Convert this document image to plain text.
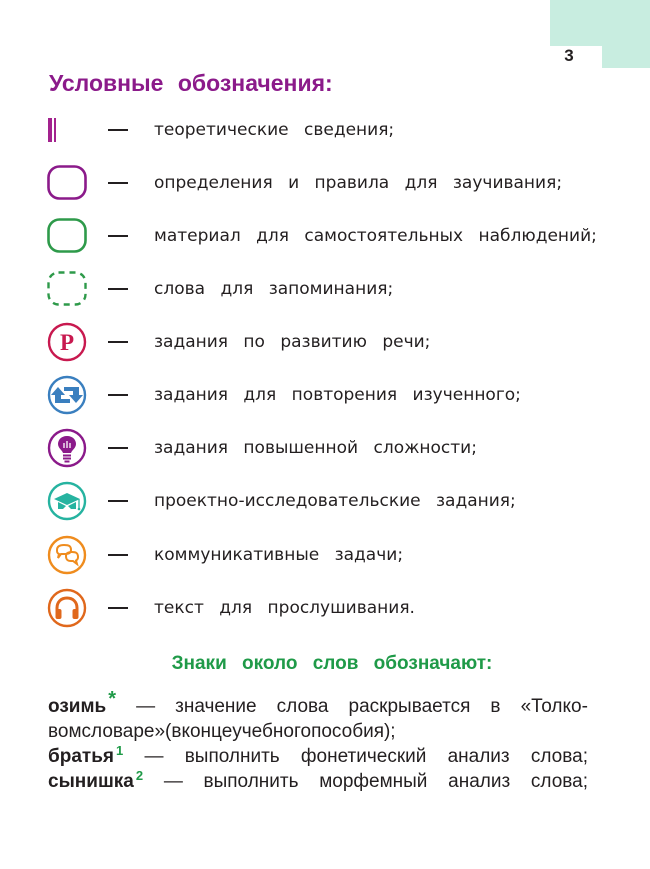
3
Условные обозначения:
теоретические сведения;
определения и правила для заучивания;
материал для самостоятельных наблюдений;
слова для запоминания;
Р	задания по развитию речи;
задания для повторения изученного;
задания повышенной сложности;
проектно-исследовательские задания;
коммуникативные задачи;
текст для прослушивания.
Знаки около слов обозначают:
озимь * — значение слова раскрывается в «Толко-
вом словаре» (в конце учебного пособия);
братья 1 — выполнить фонетический анализ слова;
сынишка 2 — выполнить морфемный анализ слова;
